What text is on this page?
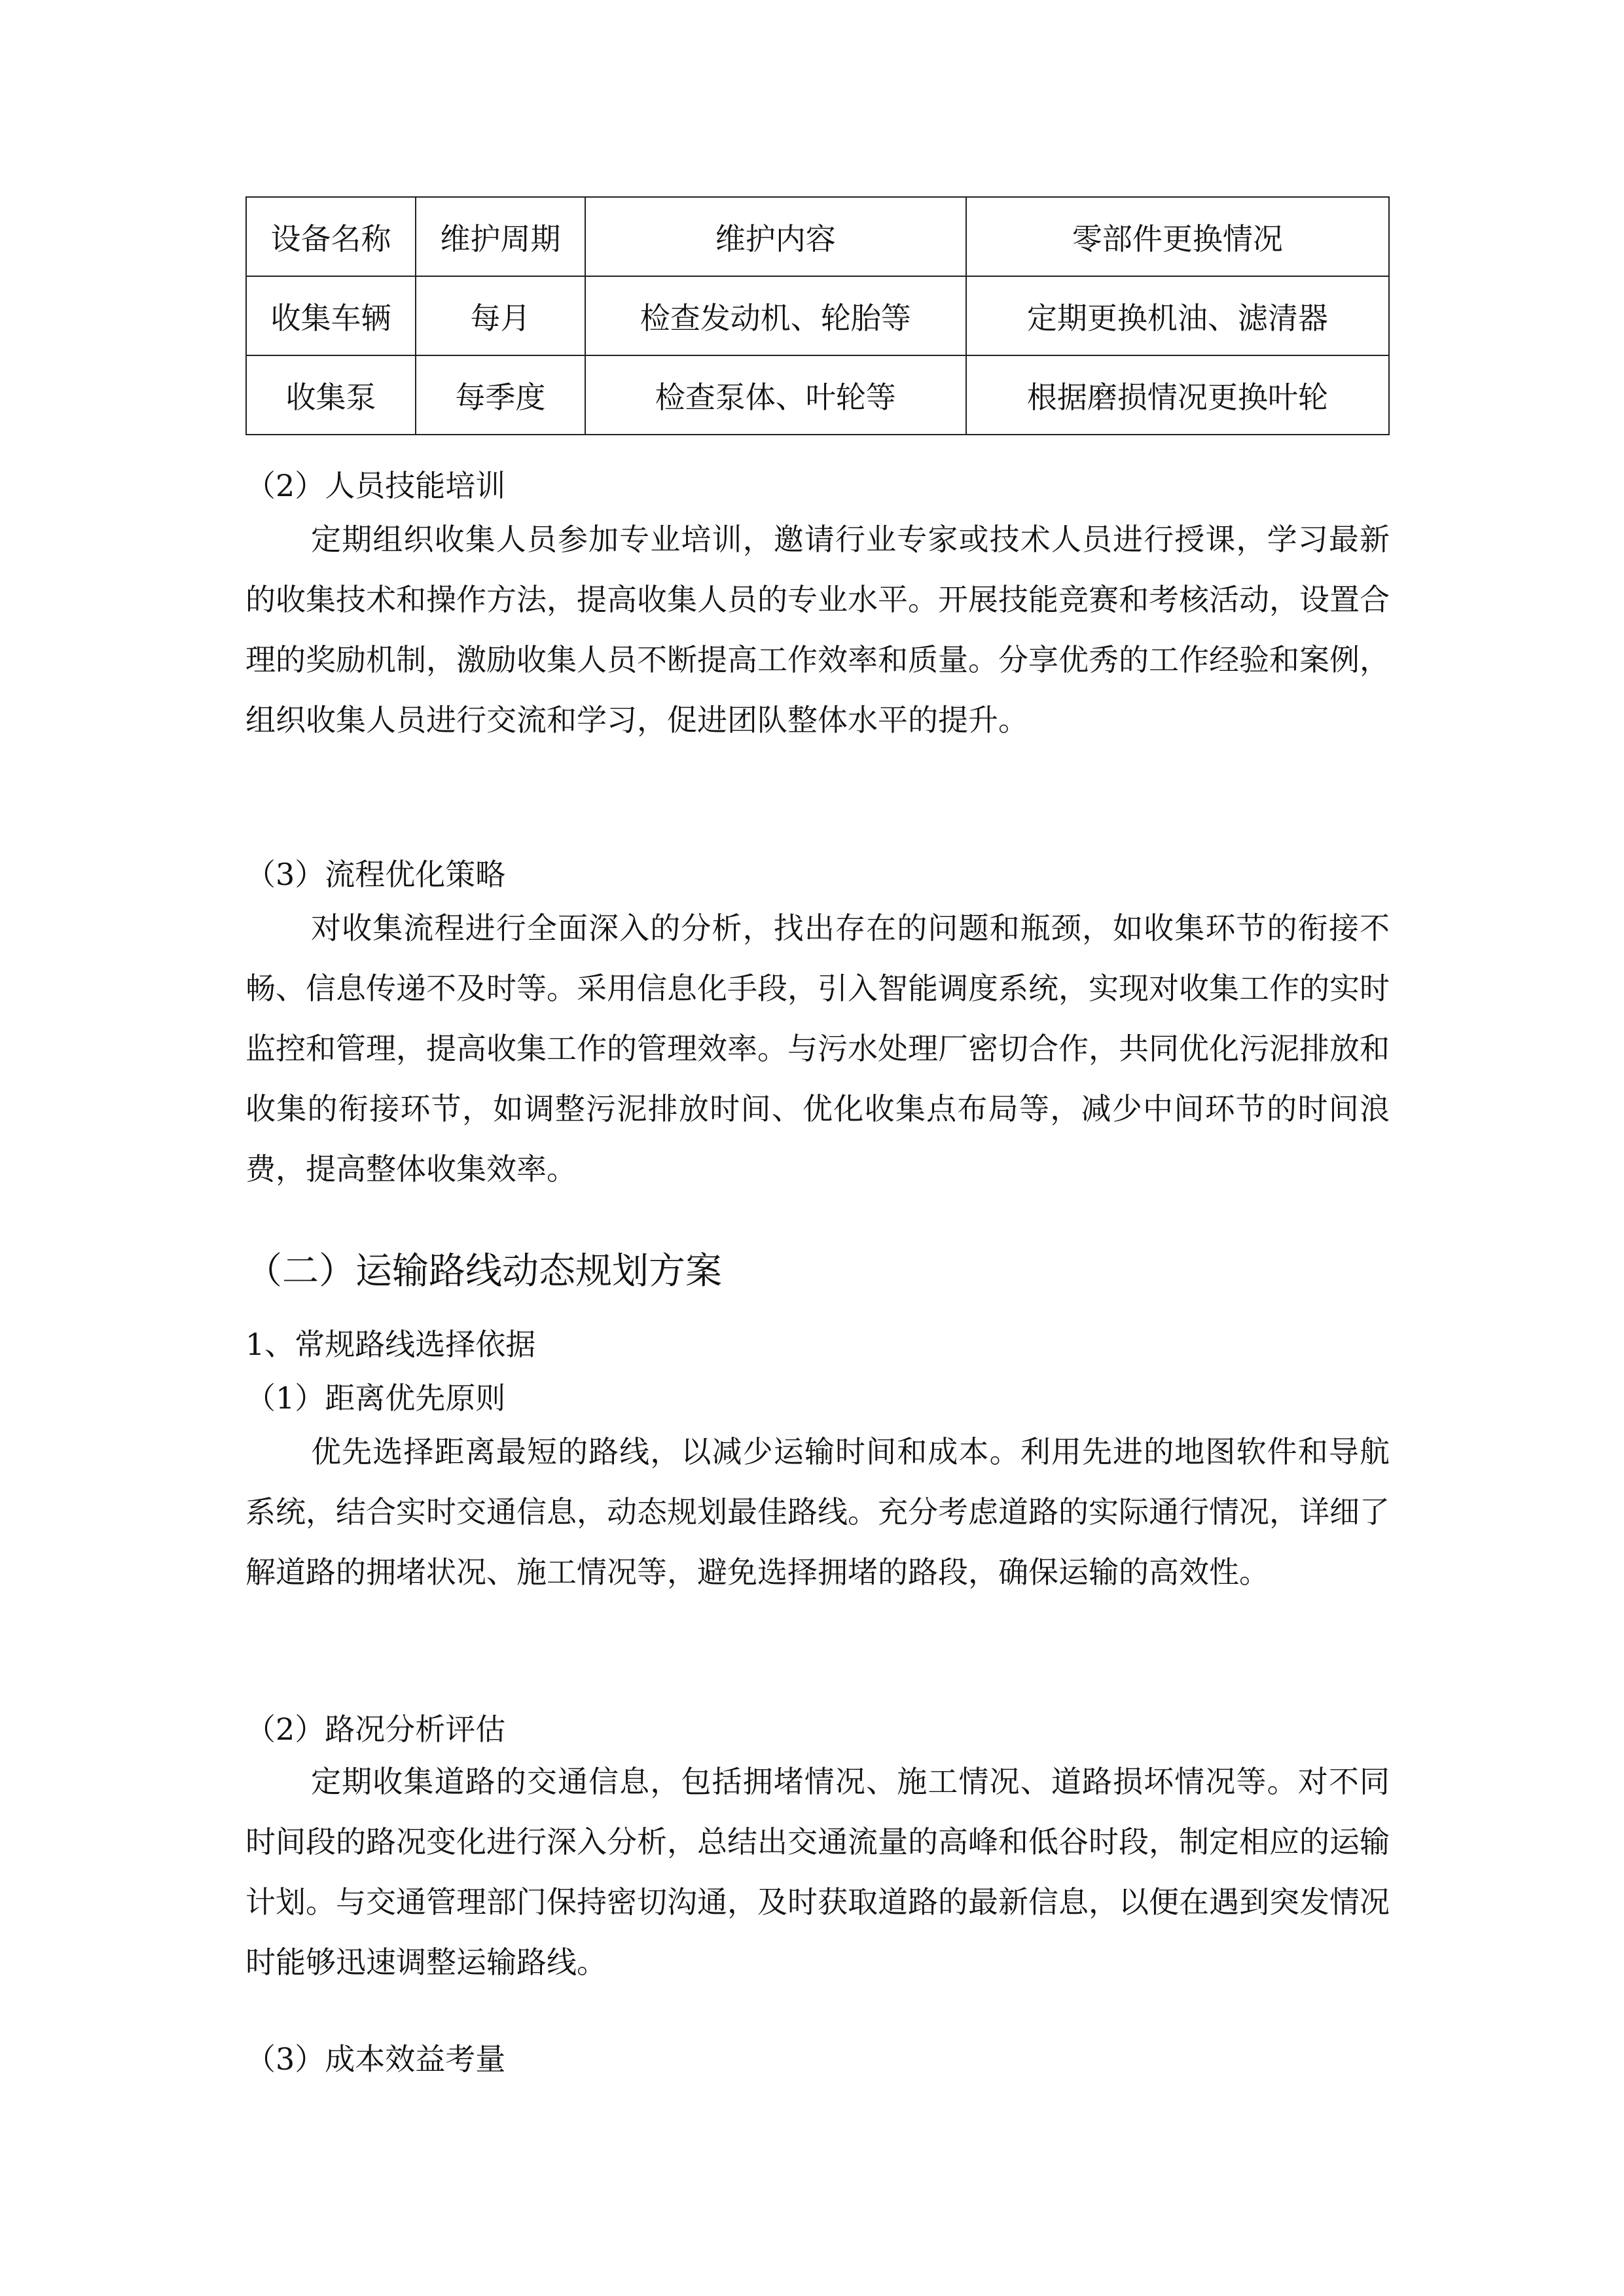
设备名称	维护周期	维护内容	零部件更换情况
收集车辆	每月	检查发动机、轮胎等	定期更换机油、滤清器
收集泵	每季度	检查泵体、叶轮等	根据磨损情况更换叶轮

（2）人员技能培训

定期组织收集人员参加专业培训，邀请行业专家或技术人员进行授课，学习最新的收集技术和操作方法，提高收集人员的专业水平。开展技能竞赛和考核活动，设置合理的奖励机制，激励收集人员不断提高工作效率和质量。分享优秀的工作经验和案例，组织收集人员进行交流和学习，促进团队整体水平的提升。

（3）流程优化策略

对收集流程进行全面深入的分析，找出存在的问题和瓶颈，如收集环节的衔接不畅、信息传递不及时等。采用信息化手段，引入智能调度系统，实现对收集工作的实时监控和管理，提高收集工作的管理效率。与污水处理厂密切合作，共同优化污泥排放和收集的衔接环节，如调整污泥排放时间、优化收集点布局等，减少中间环节的时间浪费，提高整体收集效率。

（二）运输路线动态规划方案

1、常规路线选择依据

（1）距离优先原则

优先选择距离最短的路线，以减少运输时间和成本。利用先进的地图软件和导航系统，结合实时交通信息，动态规划最佳路线。充分考虑道路的实际通行情况，详细了解道路的拥堵状况、施工情况等，避免选择拥堵的路段，确保运输的高效性。

（2）路况分析评估

定期收集道路的交通信息，包括拥堵情况、施工情况、道路损坏情况等。对不同时间段的路况变化进行深入分析，总结出交通流量的高峰和低谷时段，制定相应的运输计划。与交通管理部门保持密切沟通，及时获取道路的最新信息，以便在遇到突发情况时能够迅速调整运输路线。

（3）成本效益考量
